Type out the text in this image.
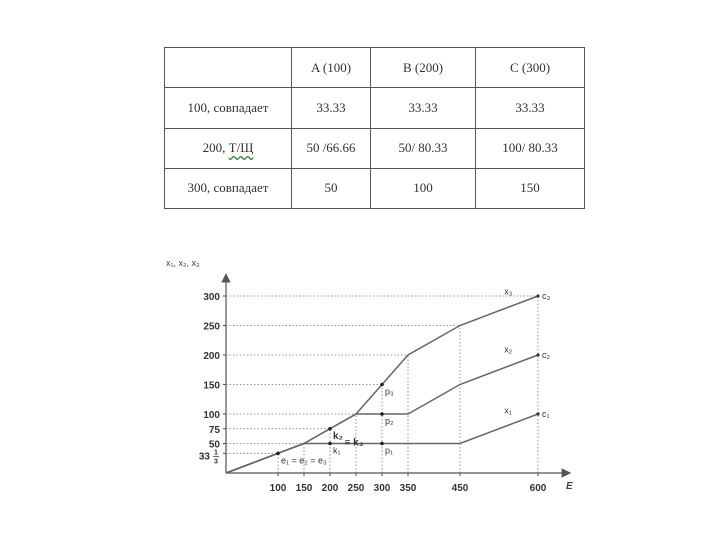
	A (100)	B (200)	C (300)
100, совпадает	33.33	33.33	33.33
200, Т/Щ	50 /66.66	50/ 80.33	100/ 80.33
300, совпадает	50	100	150
x₁, x₂, x₃
E
33 1
3
50
75
100
150
200
250
300
100 150 200 250 300 350	450	600
x₁	c₁
x₂
c₂
x₃	c₃
e₁ = e₂ = e₃
k₁
k₂
p₁
p₂
p₃
≡ k₃
